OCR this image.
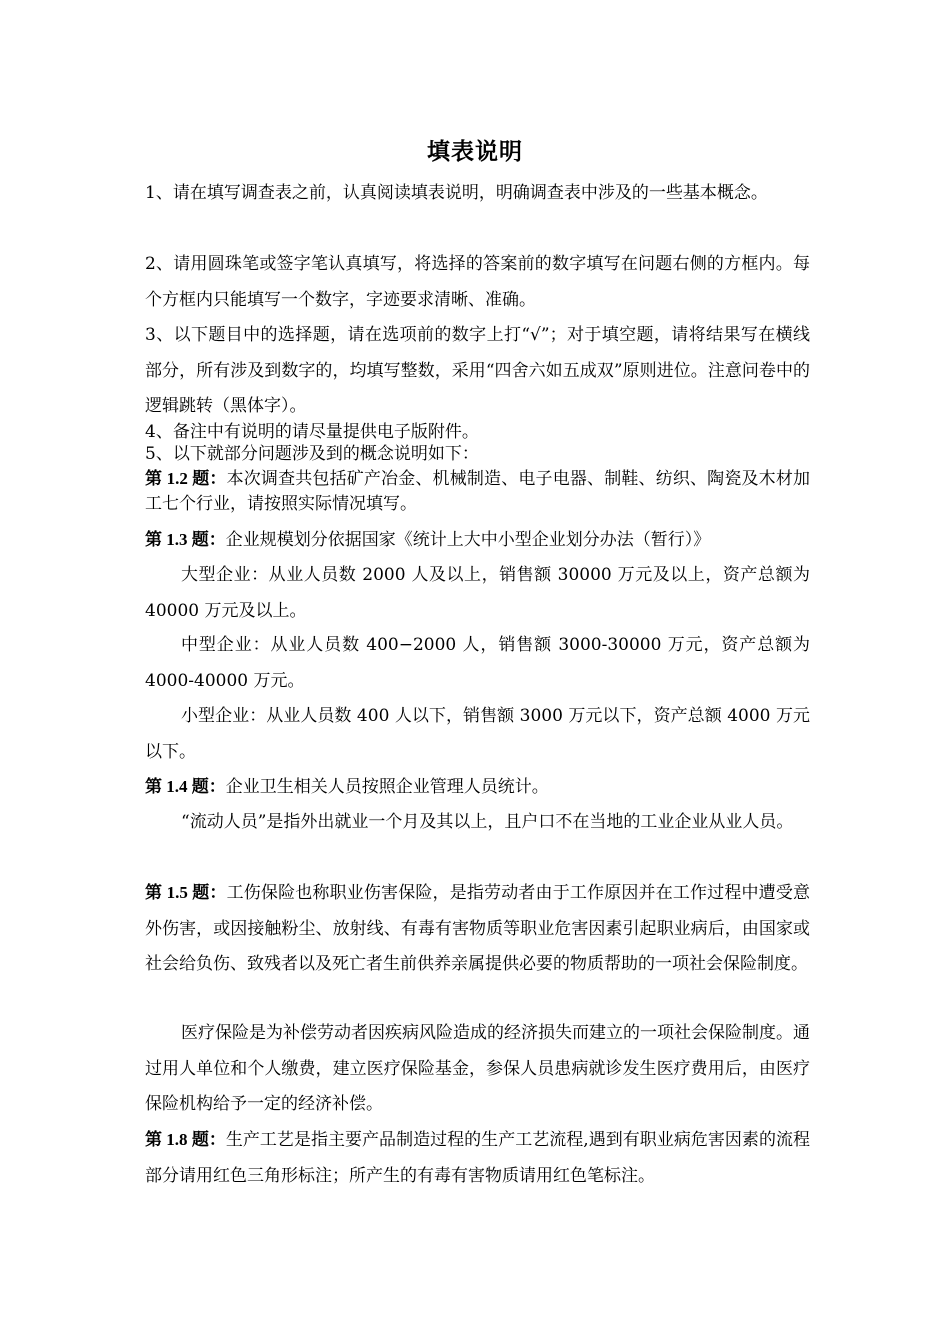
填表说明

1、请在填写调查表之前，认真阅读填表说明，明确调查表中涉及的一些基本概念。

2、请用圆珠笔或签字笔认真填写，将选择的答案前的数字填写在问题右侧的方框内。每个方框内只能填写一个数字，字迹要求清晰、准确。

3、以下题目中的选择题，请在选项前的数字上打“√”；对于填空题，请将结果写在横线部分，所有涉及到数字的，均填写整数，采用“四舍六如五成双”原则进位。注意问卷中的逻辑跳转（黑体字）。

4、备注中有说明的请尽量提供电子版附件。

5、以下就部分问题涉及到的概念说明如下：

第 1.2 题：本次调查共包括矿产冶金、机械制造、电子电器、制鞋、纺织、陶瓷及木材加工七个行业，请按照实际情况填写。

第 1.3 题：企业规模划分依据国家《统计上大中小型企业划分办法（暂行）》

大型企业：从业人员数 2000 人及以上，销售额 30000 万元及以上，资产总额为 40000 万元及以上。

中型企业：从业人员数 400−2000 人，销售额 3000-30000 万元，资产总额为 4000-40000 万元。

小型企业：从业人员数 400 人以下，销售额 3000 万元以下，资产总额 4000 万元以下。

第 1.4 题：企业卫生相关人员按照企业管理人员统计。

“流动人员”是指外出就业一个月及其以上，且户口不在当地的工业企业从业人员。

第 1.5 题：工伤保险也称职业伤害保险，是指劳动者由于工作原因并在工作过程中遭受意外伤害，或因接触粉尘、放射线、有毒有害物质等职业危害因素引起职业病后，由国家或社会给负伤、致残者以及死亡者生前供养亲属提供必要的物质帮助的一项社会保险制度。

医疗保险是为补偿劳动者因疾病风险造成的经济损失而建立的一项社会保险制度。通过用人单位和个人缴费，建立医疗保险基金，参保人员患病就诊发生医疗费用后，由医疗保险机构给予一定的经济补偿。

第 1.8 题：生产工艺是指主要产品制造过程的生产工艺流程,遇到有职业病危害因素的流程部分请用红色三角形标注；所产生的有毒有害物质请用红色笔标注。
